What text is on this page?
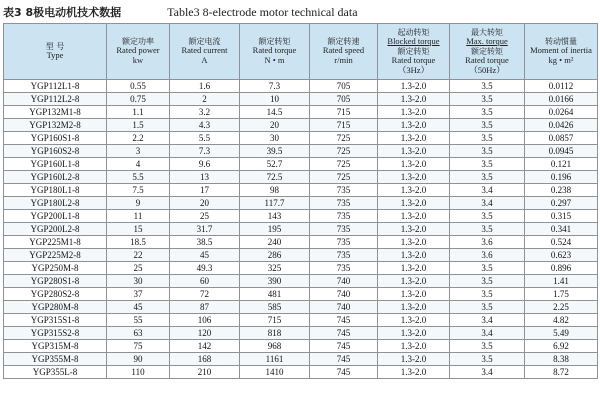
表3 8极电动机技术数据	Table3 8-electrode motor technical data
型 号
Type	额定功率
Rated power
kw	额定电流
Rated current
A	额定转矩
Rated torque
N • m	额定转速
Rated speed
r/min	起动转矩
Blocked torque
额定转矩
Rated torque
（3Hz）	最大转矩
Max. torque
额定转矩
Rated torque
（50Hz）	转动惯量
Moment of inertia
kg • m²

YGP112L1-8	0.55	1.6	7.3	705	1.3-2.0	3.5	0.0112
YGP112L2-8	0.75	2	10	705	1.3-2.0	3.5	0.0166
YGP132M1-8	1.1	3.2	14.5	715	1.3-2.0	3.5	0.0264
YGP132M2-8	1.5	4.3	20	715	1.3-2.0	3.5	0.0426
YGP160S1-8	2.2	5.5	30	725	1.3-2.0	3.5	0.0857
YGP160S2-8	3	7.3	39.5	725	1.3-2.0	3.5	0.0945
YGP160L1-8	4	9.6	52.7	725	1.3-2.0	3.5	0.121
YGP160L2-8	5.5	13	72.5	725	1.3-2.0	3.5	0.196
YGP180L1-8	7.5	17	98	735	1.3-2.0	3.4	0.238
YGP180L2-8	9	20	117.7	735	1.3-2.0	3.4	0.297
YGP200L1-8	11	25	143	735	1.3-2.0	3.5	0.315
YGP200L2-8	15	31.7	195	735	1.3-2.0	3.5	0.341
YGP225M1-8	18.5	38.5	240	735	1.3-2.0	3.6	0.524
YGP225M2-8	22	45	286	735	1.3-2.0	3.6	0.623
YGP250M-8	25	49.3	325	735	1.3-2.0	3.5	0.896
YGP280S1-8	30	60	390	740	1.3-2.0	3.5	1.41
YGP280S2-8	37	72	481	740	1.3-2.0	3.5	1.75
YGP280M-8	45	87	585	740	1.3-2.0	3.5	2.25
YGP315S1-8	55	106	715	745	1.3-2.0	3.4	4.82
YGP315S2-8	63	120	818	745	1.3-2.0	3.4	5.49
YGP315M-8	75	142	968	745	1.3-2.0	3.5	6.92
YGP355M-8	90	168	1161	745	1.3-2.0	3.5	8.38
YGP355L-8	110	210	1410	745	1.3-2.0	3.4	8.72
